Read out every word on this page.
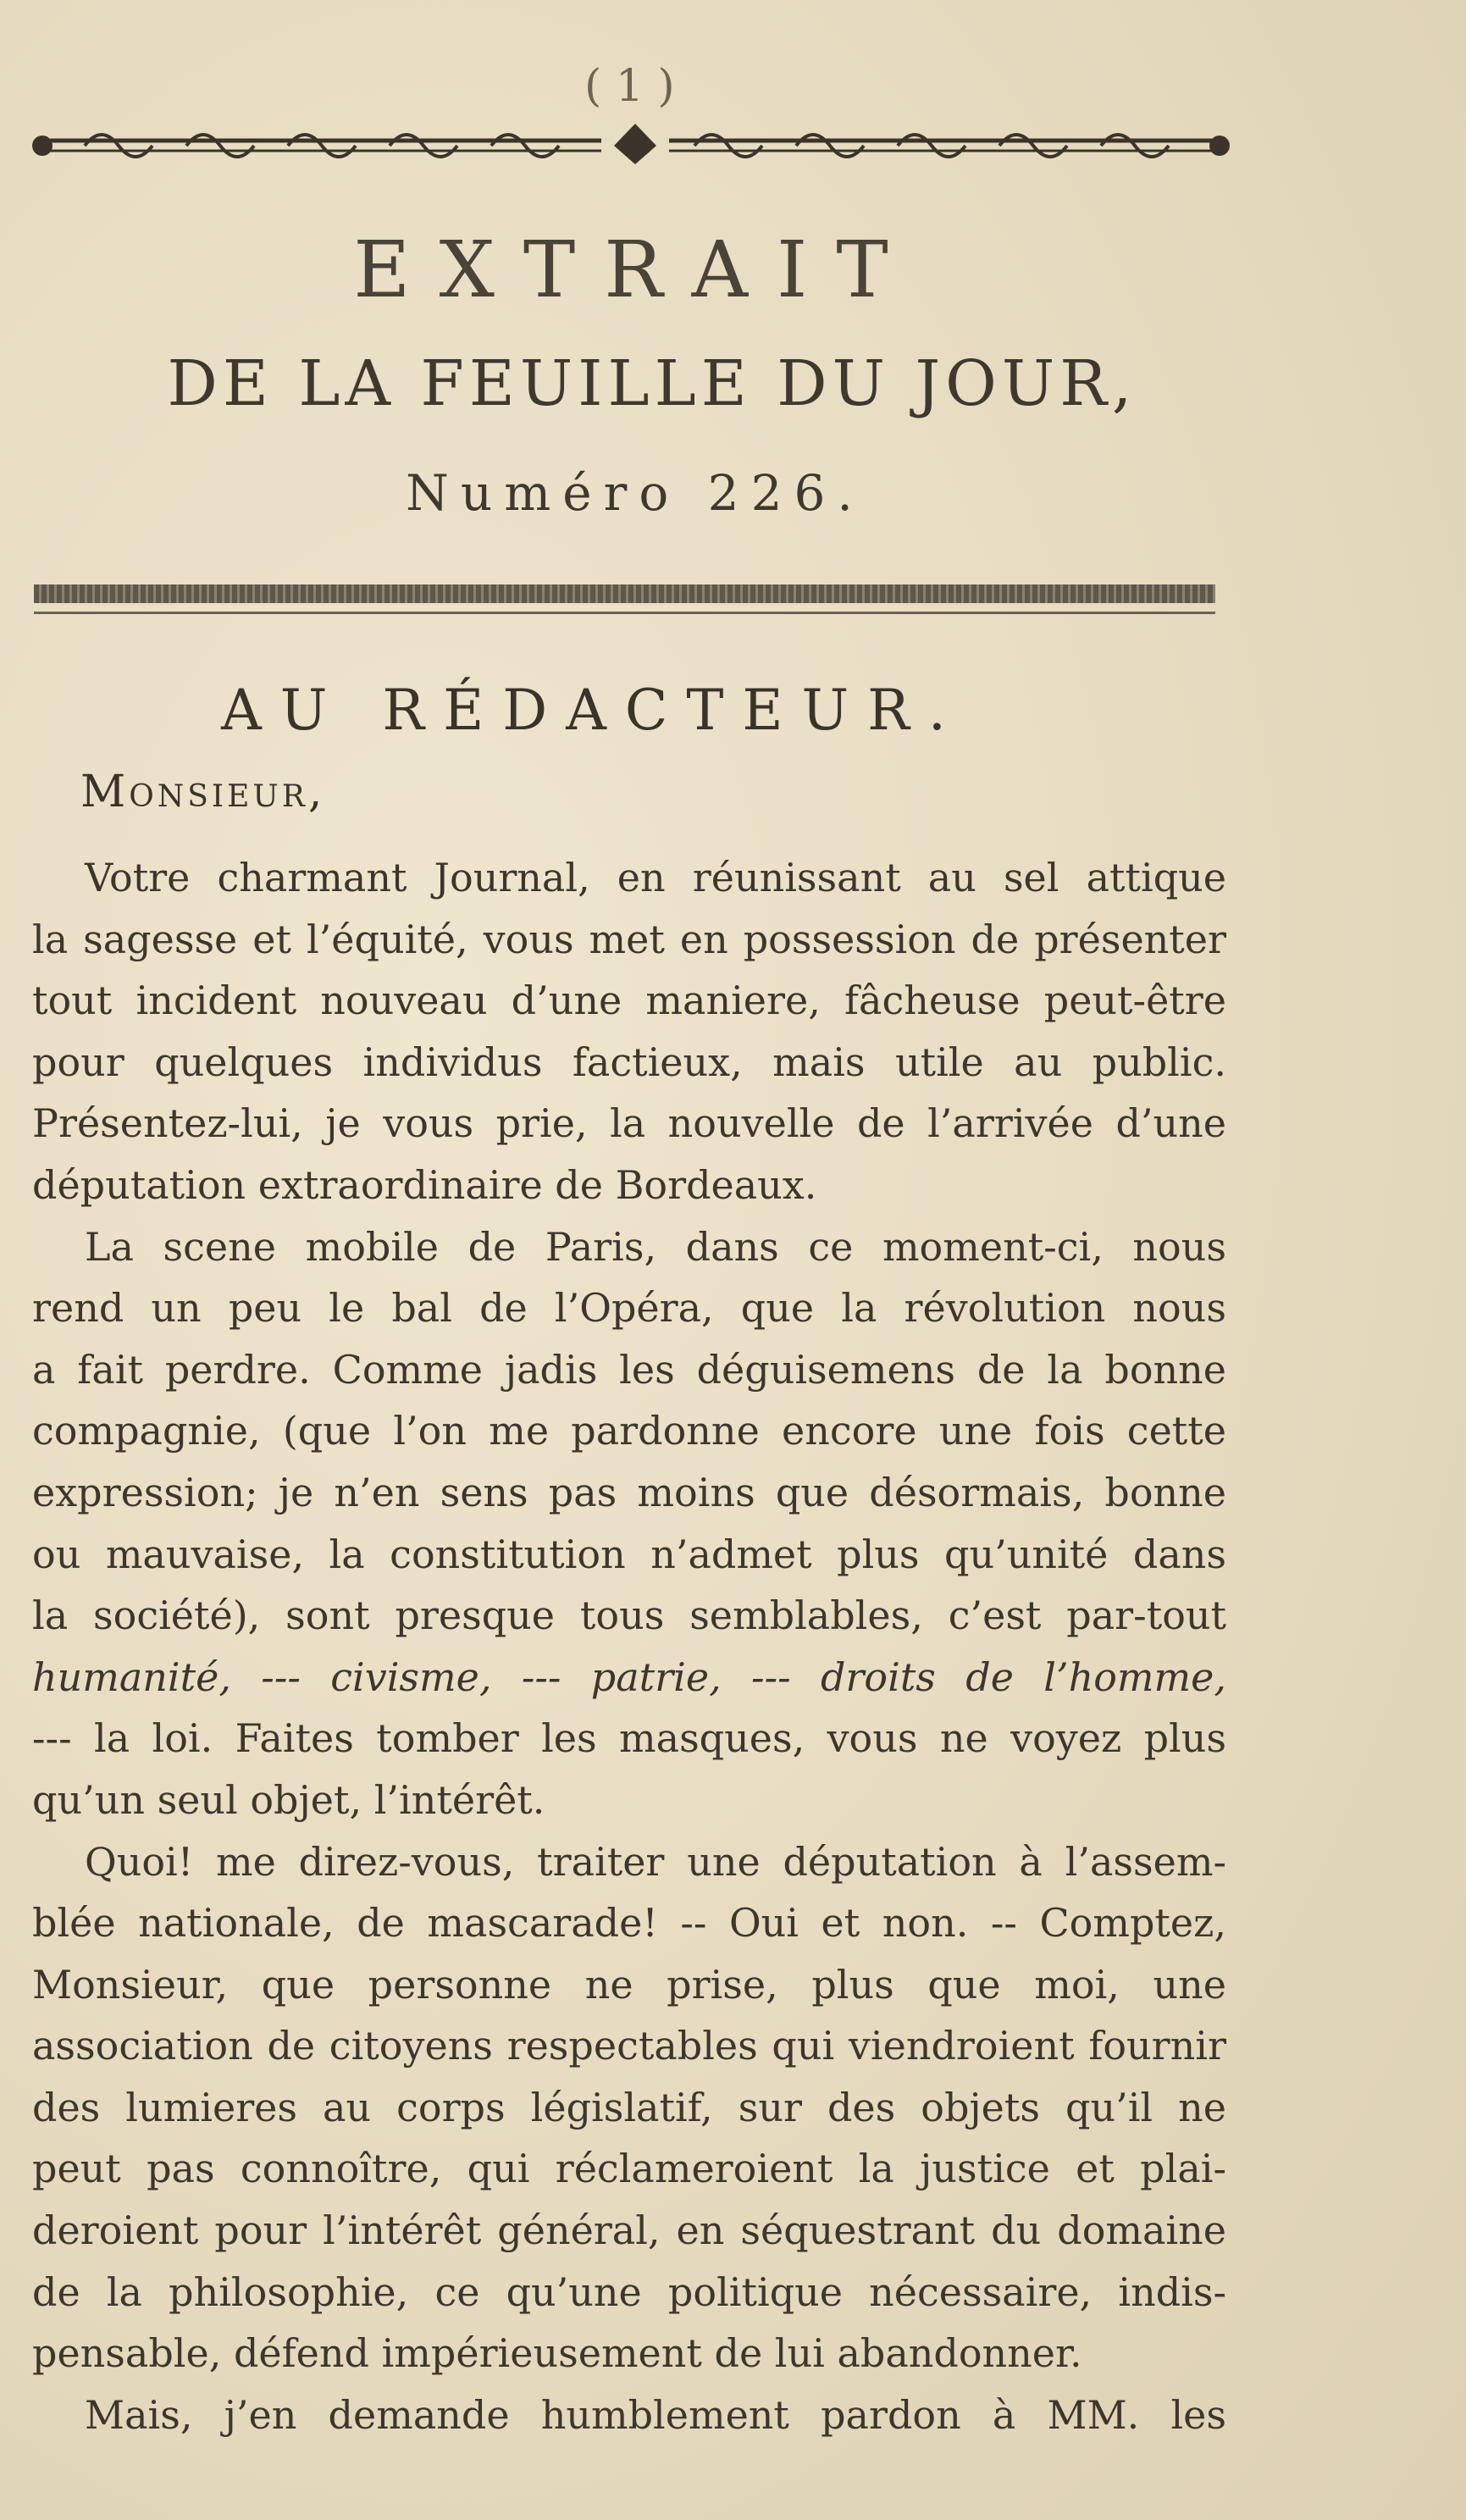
( 1 )
EXTRAIT
DE LA FEUILLE DU JOUR,
Numéro 226.
AU RÉDACTEUR.
Monsieur,

Votre charmant Journal, en réunissant au sel attique

la sagesse et l’équité, vous met en possession de présenter

tout incident nouveau d’une maniere, fâcheuse peut-être

pour quelques individus factieux, mais utile au public.

Présentez-lui, je vous prie, la nouvelle de l’arrivée d’une

députation extraordinaire de Bordeaux.

La scene mobile de Paris, dans ce moment-ci, nous

rend un peu le bal de l’Opéra, que la révolution nous

a fait perdre. Comme jadis les déguisemens de la bonne

compagnie, (que l’on me pardonne encore une fois cette

expression; je n’en sens pas moins que désormais, bonne

ou mauvaise, la constitution n’admet plus qu’unité dans

la société), sont presque tous semblables, c’est par-tout

humanité, --- civisme, --- patrie, --- droits de l’homme,

--- la loi. Faites tomber les masques, vous ne voyez plus

qu’un seul objet, l’intérêt.

Quoi! me direz-vous, traiter une députation à l’assem-

blée nationale, de mascarade! -- Oui et non. -- Comptez,

Monsieur, que personne ne prise, plus que moi, une

association de citoyens respectables qui viendroient fournir

des lumieres au corps législatif, sur des objets qu’il ne

peut pas connoître, qui réclameroient la justice et plai-

deroient pour l’intérêt général, en séquestrant du domaine

de la philosophie, ce qu’une politique nécessaire, indis-

pensable, défend impérieusement de lui abandonner.

Mais, j’en demande humblement pardon à MM. les
